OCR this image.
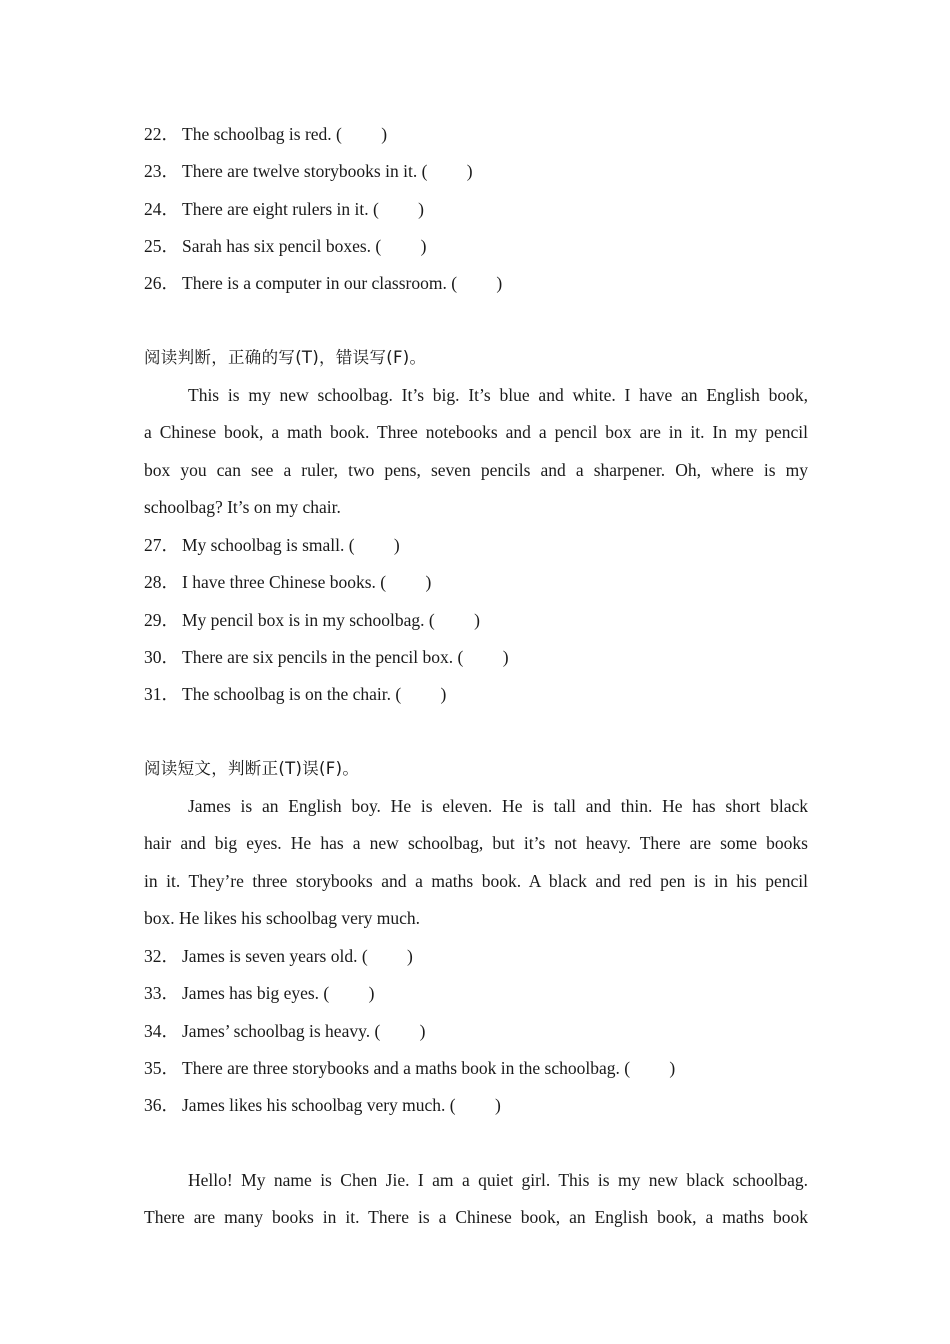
22． The schoolbag is red. (　　 )
23． There are twelve storybooks in it. (　　 )
24． There are eight rulers in it. (　　 )
25． Sarah has six pencil boxes. (　　 )
26． There is a computer in our classroom. (　　 )
阅读判断，正确的写(T)，错误写(F)。
This is my new schoolbag. It’s big. It’s blue and white. I have an English book,
a Chinese book, a math book. Three notebooks and a pencil box are in it. In my pencil
box you can see a ruler, two pens, seven pencils and a sharpener. Oh, where is my
schoolbag? It’s on my chair.
27． My schoolbag is small. (　　 )
28． I have three Chinese books. (　　 )
29． My pencil box is in my schoolbag. (　　 )
30． There are six pencils in the pencil box. (　　 )
31． The schoolbag is on the chair. (　　 )
阅读短文，判断正(T)误(F)。
James is an English boy. He is eleven. He is tall and thin. He has short black
hair and big eyes. He has a new schoolbag, but it’s not heavy. There are some books
in it. They’re three storybooks and a maths book. A black and red pen is in his pencil
box. He likes his schoolbag very much.
32． James is seven years old. (　　 )
33． James has big eyes. (　　 )
34． James’ schoolbag is heavy. (　　 )
35． There are three storybooks and a maths book in the schoolbag. (　　 )
36． James likes his schoolbag very much. (　　 )
Hello! My name is Chen Jie. I am a quiet girl. This is my new black schoolbag.
There are many books in it. There is a Chinese book, an English book, a maths book
